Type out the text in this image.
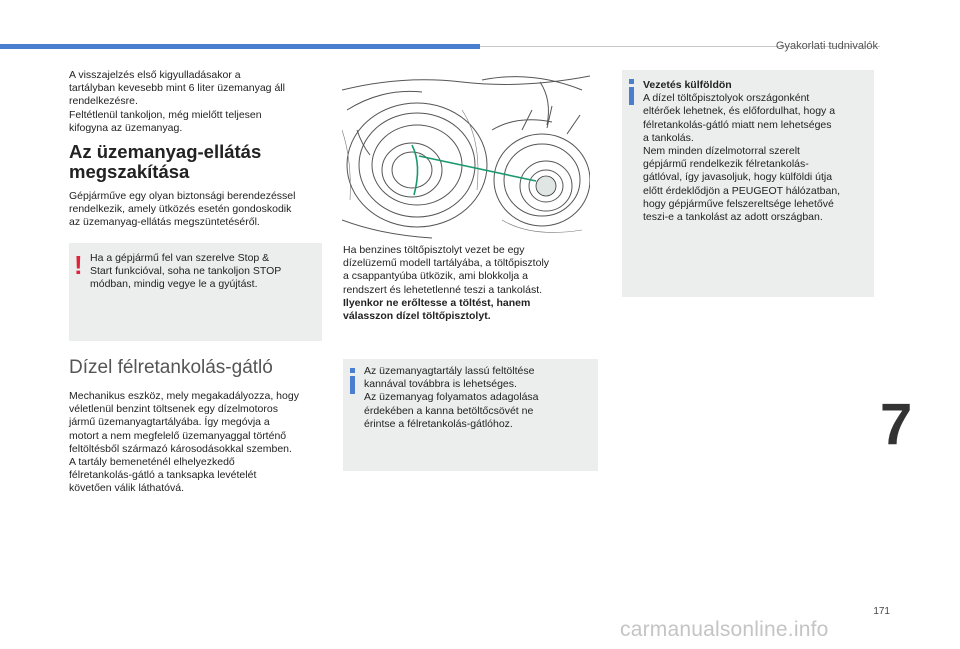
Gyakorlati tudnivalók
A visszajelzés első kigyulladásakor a
tartályban kevesebb mint 6 liter üzemanyag áll
rendelkezésre.
Feltétlenül tankoljon, még mielőtt teljesen
kifogyna az üzemanyag.
Az üzemanyag-ellátás
megszakítása
Gépjárműve egy olyan biztonsági berendezéssel
rendelkezik, amely ütközés esetén gondoskodik
az üzemanyag-ellátás megszüntetéséről.
! Ha a gépjármű fel van szerelve Stop &
Start funkcióval, soha ne tankoljon STOP
módban, mindig vegye le a gyújtást.
Dízel félretankolás-gátló
Mechanikus eszköz, mely megakadályozza, hogy
véletlenül benzint töltsenek egy dízelmotoros
jármű üzemanyagtartályába. Így megóvja a
motort a nem megfelelő üzemanyaggal történő
feltöltésből származó károsodásokkal szemben.
A tartály bemeneténél elhelyezkedő
félretankolás-gátló a tanksapka levételét
követően válik láthatóvá.
Ha benzines töltőpisztolyt vezet be egy
dízelüzemű modell tartályába, a töltőpisztoly
a csappantyúba ütközik, ami blokkolja a
rendszert és lehetetlenné teszi a tankolást.
Ilyenkor ne erőltesse a töltést, hanem
válasszon dízel töltőpisztolyt.
Az üzemanyagtartály lassú feltöltése
kannával továbbra is lehetséges.
Az üzemanyag folyamatos adagolása
érdekében a kanna betöltőcsövét ne
érintse a félretankolás-gátlóhoz.
Vezetés külföldön
A dízel töltőpisztolyok országonként
eltérőek lehetnek, és előfordulhat, hogy a
félretankolás-gátló miatt nem lehetséges
a tankolás.
Nem minden dízelmotorral szerelt
gépjármű rendelkezik félretankolás-
gátlóval, így javasoljuk, hogy külföldi útja
előtt érdeklődjön a PEUGEOT hálózatban,
hogy gépjárműve felszereltsége lehetővé
teszi-e a tankolást az adott országban.
7
171
carmanualsonline.info
